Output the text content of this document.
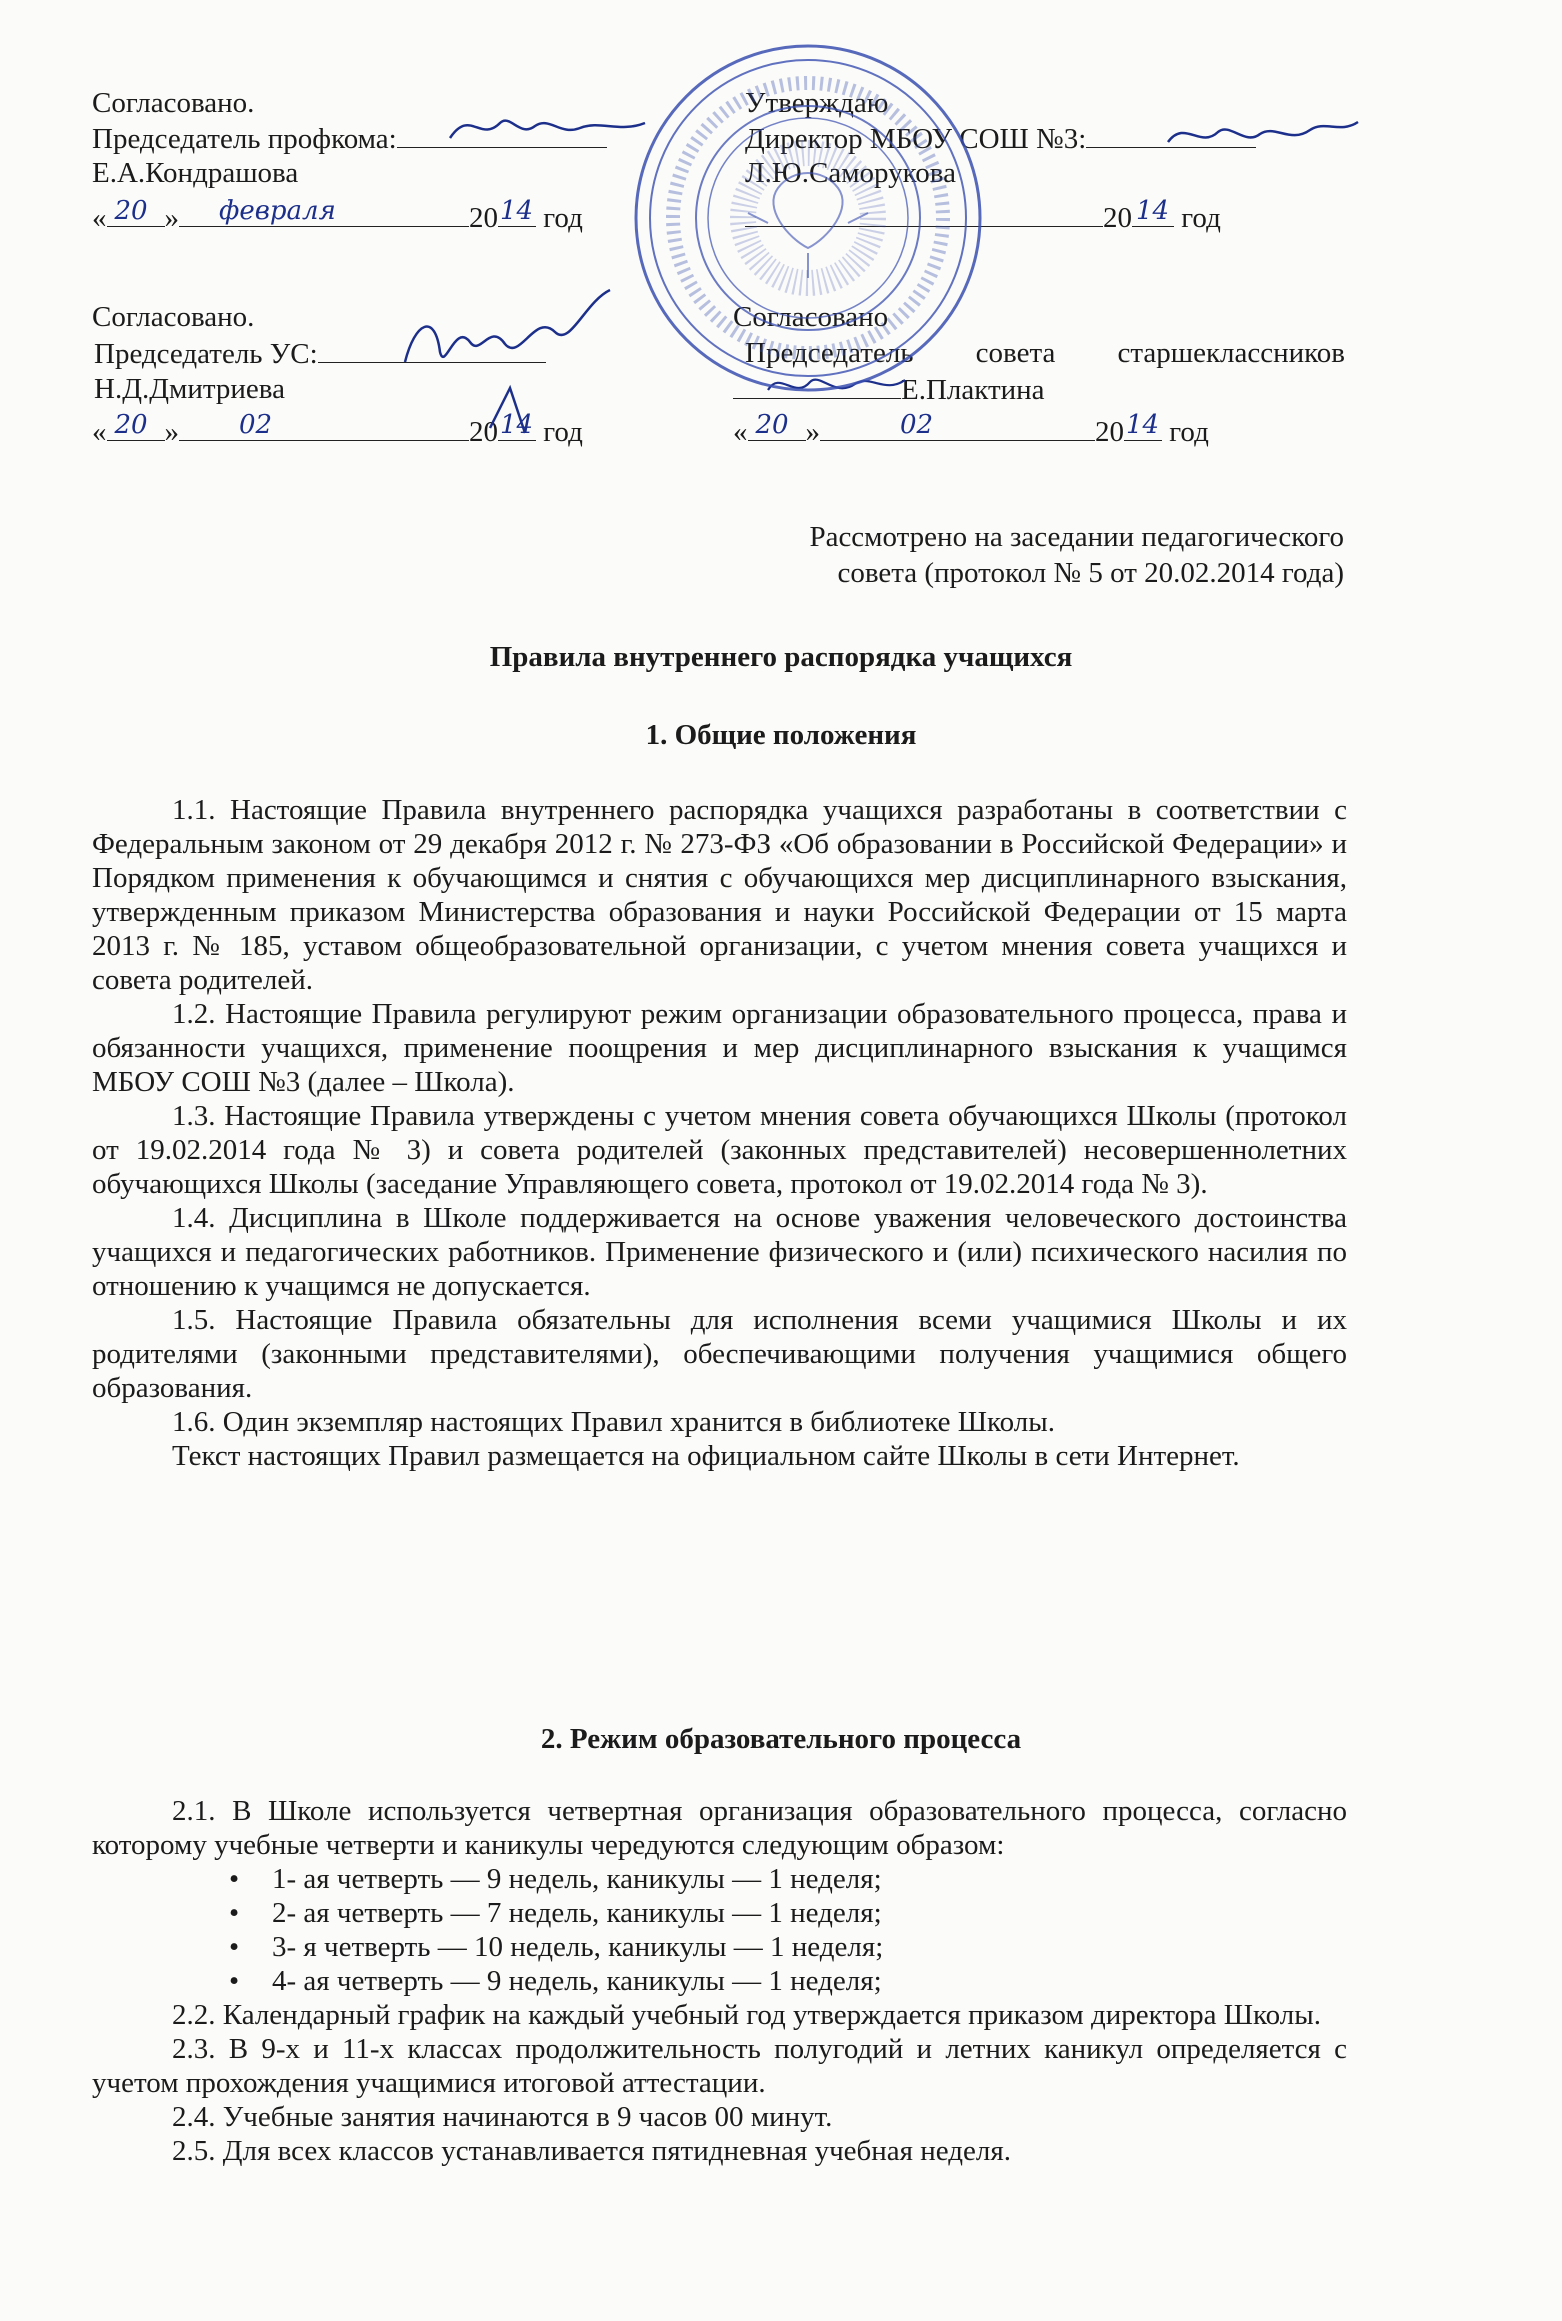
Согласовано.
Председатель профкома:
Е.А.Кондрашова
« 20 » февраля	20 14 год
Утверждаю
Директор МБОУ СОШ №3:
Л.Ю.Саморукова
20 14 год
Согласовано.
Председатель УС:
Н.Д.Дмитриева
« 20 » 02	20 14 год
Согласовано
Председатель совета старшеклассников
Е.Плактина
« 20 »	02	20 14 год
Рассмотрено на заседании педагогического
совета (протокол № 5 от 20.02.2014 года)
Правила внутреннего распорядка учащихся
1. Общие положения

1.1. Настоящие Правила внутреннего распорядка учащихся разработаны в соответствии с Федеральным законом от 29 декабря 2012 г. № 273-ФЗ «Об образовании в Российской Федерации» и Порядком применения к обучающимся и снятия с обучающихся мер дисциплинарного взыскания, утвержденным приказом Министерства образования и науки Российской Федерации от 15 марта 2013 г. № 185, уставом общеобразовательной организации, с учетом мнения совета учащихся и совета родителей.

1.2. Настоящие Правила регулируют режим организации образовательного процесса, права и обязанности учащихся, применение поощрения и мер дисциплинарного взыскания к учащимся МБОУ СОШ №3 (далее – Школа).

1.3. Настоящие Правила утверждены с учетом мнения совета обучающихся Школы (протокол от 19.02.2014 года № 3) и совета родителей (законных представителей) несовершеннолетних обучающихся Школы (заседание Управляющего совета, протокол от 19.02.2014 года № 3).

1.4. Дисциплина в Школе поддерживается на основе уважения человеческого достоинства учащихся и педагогических работников. Применение физического и (или) психического насилия по отношению к учащимся не допускается.

1.5. Настоящие Правила обязательны для исполнения всеми учащимися Школы и их родителями (законными представителями), обеспечивающими получения учащимися общего образования.

1.6. Один экземпляр настоящих Правил хранится в библиотеке Школы.

Текст настоящих Правил размещается на официальном сайте Школы в сети Интернет.

2. Режим образовательного процесса

2.1. В Школе используется четвертная организация образовательного процесса, согласно которому учебные четверти и каникулы чередуются следующим образом:

• 1- ая четверть — 9 недель, каникулы — 1 неделя;

• 2- ая четверть — 7 недель, каникулы — 1 неделя;

• 3- я четверть — 10 недель, каникулы — 1 неделя;

• 4- ая четверть — 9 недель, каникулы — 1 неделя;

2.2. Календарный график на каждый учебный год утверждается приказом директора Школы.

2.3. В 9-х и 11-х классах продолжительность полугодий и летних каникул определяется с учетом прохождения учащимися итоговой аттестации.

2.4. Учебные занятия начинаются в 9 часов 00 минут.

2.5. Для всех классов устанавливается пятидневная учебная неделя.
